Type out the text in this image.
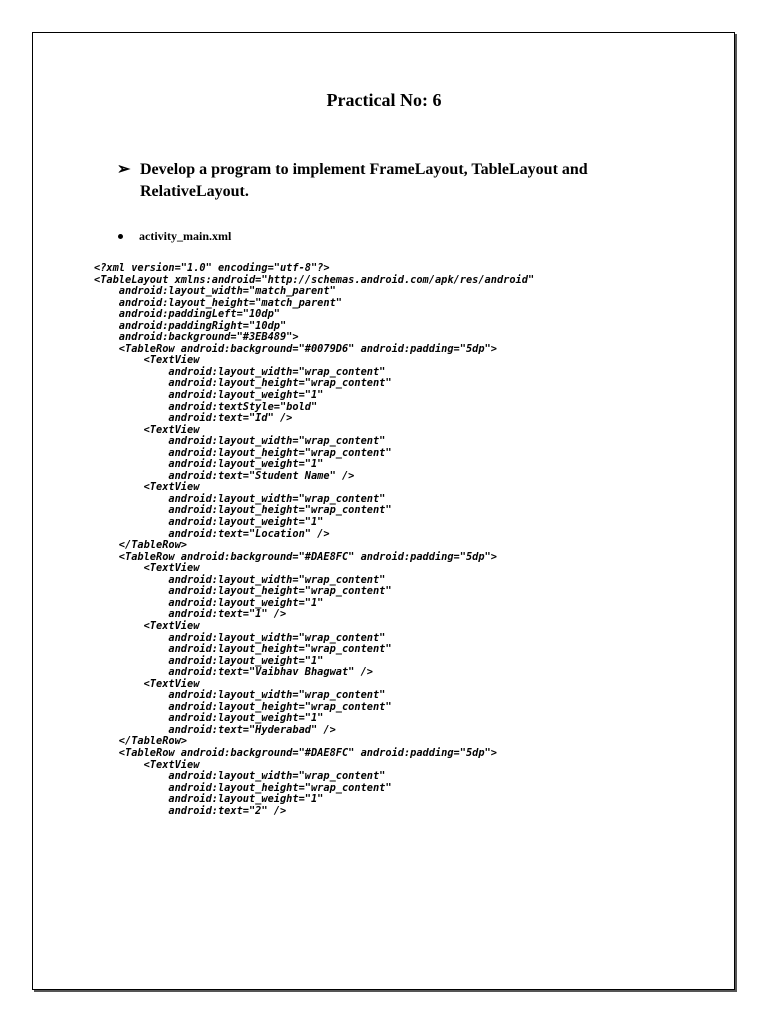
Practical No: 6
➢ Develop a program to implement FrameLayout, TableLayout and RelativeLayout.
activity_main.xml
<?xml version="1.0" encoding="utf-8"?>
<TableLayout xmlns:android="http://schemas.android.com/apk/res/android"
android:layout_width="match_parent"
android:layout_height="match_parent"
android:paddingLeft="10dp"
android:paddingRight="10dp"
android:background="#3EB489">
<TableRow android:background="#0079D6" android:padding="5dp">
<TextView
android:layout_width="wrap_content"
android:layout_height="wrap_content"
android:layout_weight="1"
android:textStyle="bold"
android:text="Id" />
<TextView
android:layout_width="wrap_content"
android:layout_height="wrap_content"
android:layout_weight="1"
android:text="Student Name" />
<TextView
android:layout_width="wrap_content"
android:layout_height="wrap_content"
android:layout_weight="1"
android:text="Location" />
</TableRow>
<TableRow android:background="#DAE8FC" android:padding="5dp">
<TextView
android:layout_width="wrap_content"
android:layout_height="wrap_content"
android:layout_weight="1"
android:text="1" />
<TextView
android:layout_width="wrap_content"
android:layout_height="wrap_content"
android:layout_weight="1"
android:text="Vaibhav Bhagwat" />
<TextView
android:layout_width="wrap_content"
android:layout_height="wrap_content"
android:layout_weight="1"
android:text="Hyderabad" />
</TableRow>
<TableRow android:background="#DAE8FC" android:padding="5dp">
<TextView
android:layout_width="wrap_content"
android:layout_height="wrap_content"
android:layout_weight="1"
android:text="2" />
